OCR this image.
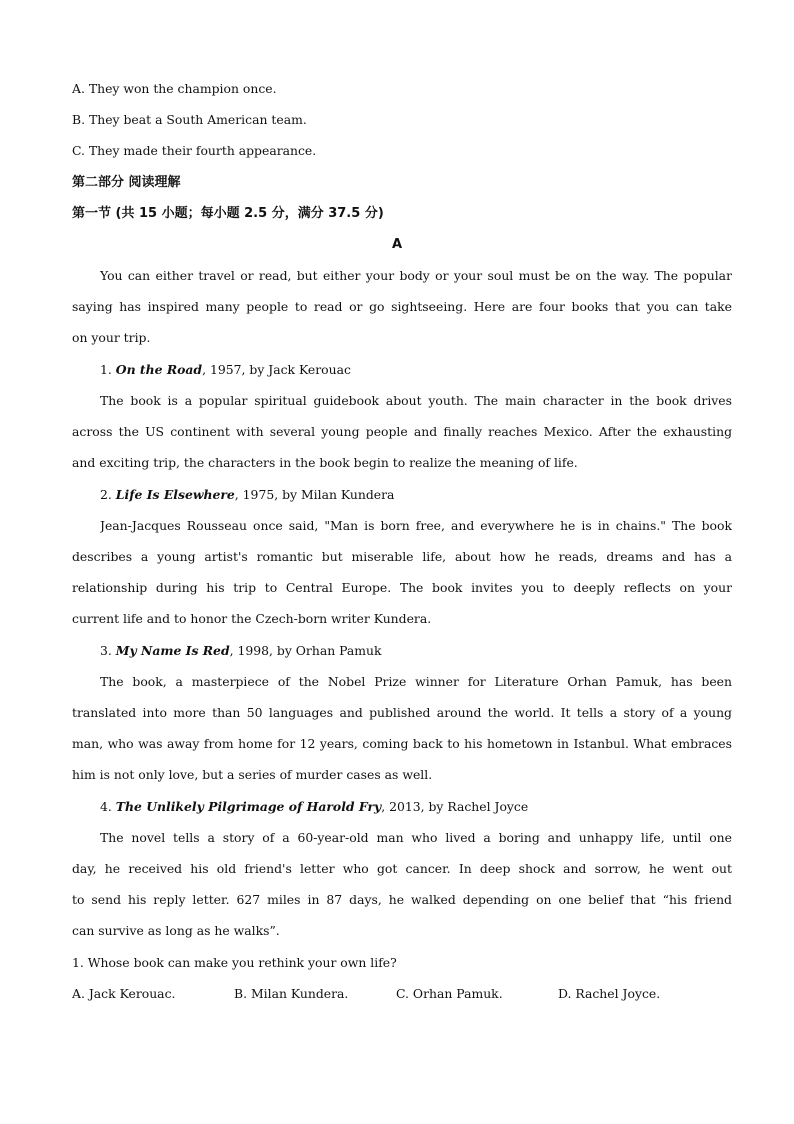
A. They won the champion once.
B. They beat a South American team.
C. They made their fourth appearance.
第二部分 阅读理解
第一节 (共 15 小题；每小题 2.5 分，满分 37.5 分)
A
You can either travel or read, but either your body or your soul must be on the way. The popular
saying has inspired many people to read or go sightseeing. Here are four books that you can take
on your trip.
1. On the Road, 1957, by Jack Kerouac
The book is a popular spiritual guidebook about youth. The main character in the book drives
across the US continent with several young people and finally reaches Mexico. After the exhausting
and exciting trip, the characters in the book begin to realize the meaning of life.
2. Life Is Elsewhere, 1975, by Milan Kundera
Jean-Jacques Rousseau once said, "Man is born free, and everywhere he is in chains." The book
describes a young artist's romantic but miserable life, about how he reads, dreams and has a
relationship during his trip to Central Europe. The book invites you to deeply reflects on your
current life and to honor the Czech-born writer Kundera.
3. My Name Is Red, 1998, by Orhan Pamuk
The book, a masterpiece of the Nobel Prize winner for Literature Orhan Pamuk, has been
translated into more than 50 languages and published around the world. It tells a story of a young
man, who was away from home for 12 years, coming back to his hometown in Istanbul. What embraces
him is not only love, but a series of murder cases as well.
4. The Unlikely Pilgrimage of Harold Fry, 2013, by Rachel Joyce
The novel tells a story of a 60-year-old man who lived a boring and unhappy life, until one
day, he received his old friend's letter who got cancer. In deep shock and sorrow, he went out
to send his reply letter. 627 miles in 87 days, he walked depending on one belief that “his friend
can survive as long as he walks”.
1. Whose book can make you rethink your own life?
A. Jack Kerouac.	B. Milan Kundera.	C. Orhan Pamuk.	D. Rachel Joyce.
